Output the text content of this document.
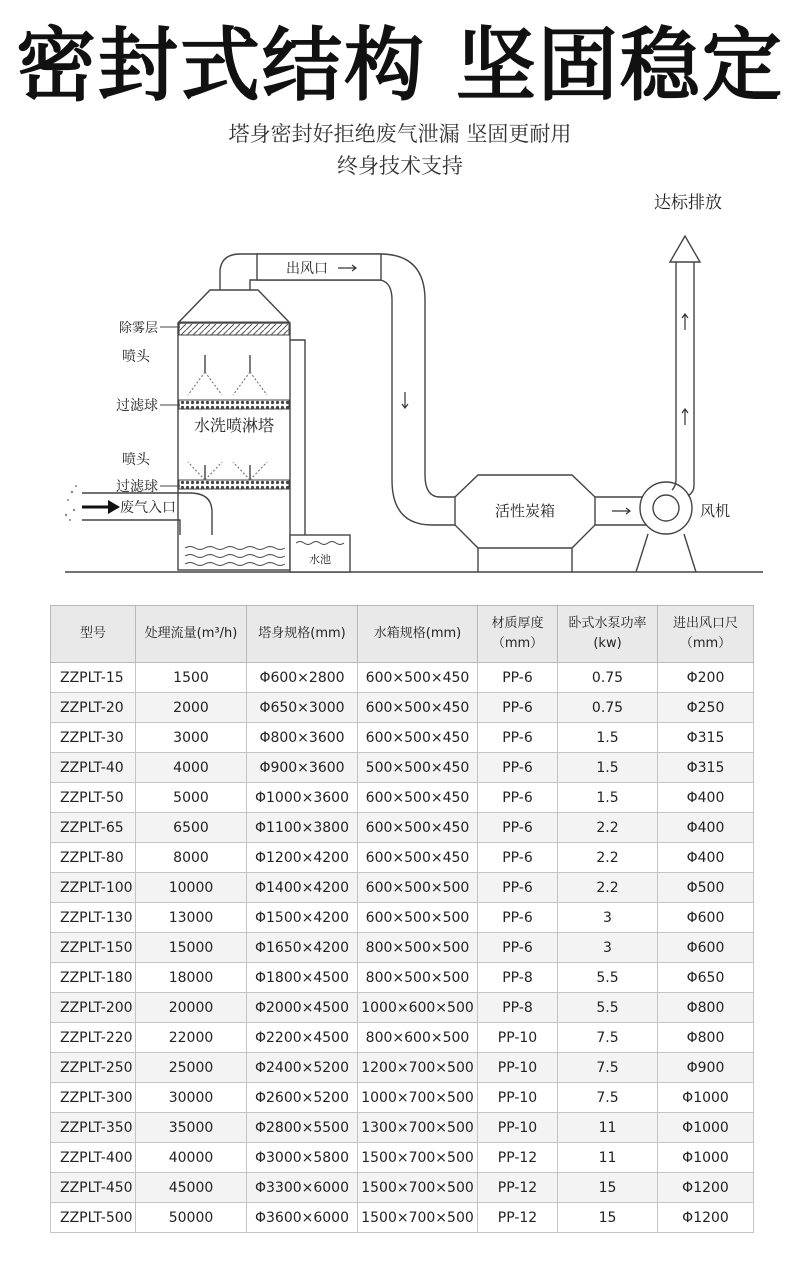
密封式结构 坚固稳定
塔身密封好拒绝废气泄漏 坚固更耐用
终身技术支持
达标排放
出风口
除雾层
喷头
过滤球
水洗喷淋塔
喷头
过滤球
废气入口
水池
活性炭箱	风机
型号	处理流量(m³/h)	塔身规格(mm)	水箱规格(mm)	材质厚度（mm）	卧式水泵功率(kw)	进出风口尺（mm）
ZZPLT-15	1500	Φ600×2800	600×500×450	PP-6	0.75	Φ200
ZZPLT-20	2000	Φ650×3000	600×500×450	PP-6	0.75	Φ250
ZZPLT-30	3000	Φ800×3600	600×500×450	PP-6	1.5	Φ315
ZZPLT-40	4000	Φ900×3600	500×500×450	PP-6	1.5	Φ315
ZZPLT-50	5000	Φ1000×3600	600×500×450	PP-6	1.5	Φ400
ZZPLT-65	6500	Φ1100×3800	600×500×450	PP-6	2.2	Φ400
ZZPLT-80	8000	Φ1200×4200	600×500×450	PP-6	2.2	Φ400
ZZPLT-100	10000	Φ1400×4200	600×500×500	PP-6	2.2	Φ500
ZZPLT-130	13000	Φ1500×4200	600×500×500	PP-6	3	Φ600
ZZPLT-150	15000	Φ1650×4200	800×500×500	PP-6	3	Φ600
ZZPLT-180	18000	Φ1800×4500	800×500×500	PP-8	5.5	Φ650
ZZPLT-200	20000	Φ2000×4500	1000×600×500	PP-8	5.5	Φ800
ZZPLT-220	22000	Φ2200×4500	800×600×500	PP-10	7.5	Φ800
ZZPLT-250	25000	Φ2400×5200	1200×700×500	PP-10	7.5	Φ900
ZZPLT-300	30000	Φ2600×5200	1000×700×500	PP-10	7.5	Φ1000
ZZPLT-350	35000	Φ2800×5500	1300×700×500	PP-10	11	Φ1000
ZZPLT-400	40000	Φ3000×5800	1500×700×500	PP-12	11	Φ1000
ZZPLT-450	45000	Φ3300×6000	1500×700×500	PP-12	15	Φ1200
ZZPLT-500	50000	Φ3600×6000	1500×700×500	PP-12	15	Φ1200
